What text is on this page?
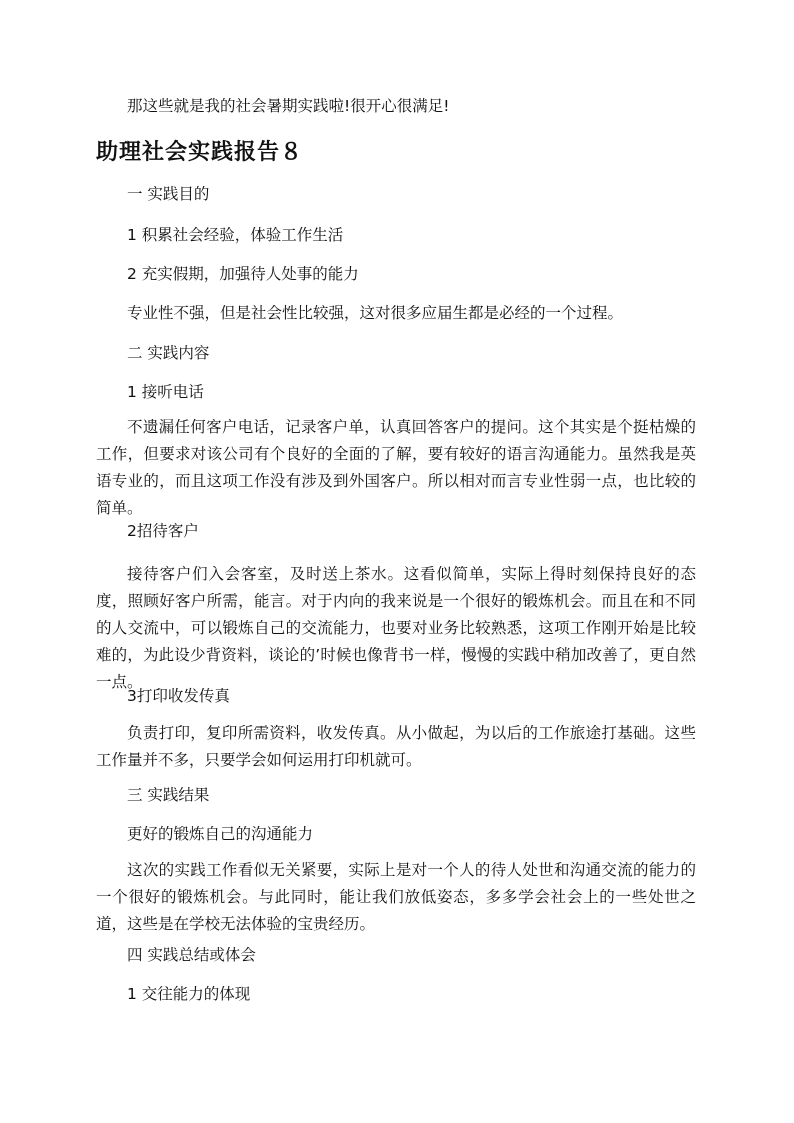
那这些就是我的社会暑期实践啦!很开心很满足!

助理社会实践报告８

一 实践目的

1 积累社会经验，体验工作生活

2 充实假期，加强待人处事的能力

专业性不强，但是社会性比较强，这对很多应届生都是必经的一个过程。

二 实践内容

1 接听电话

不遗漏任何客户电话，记录客户单，认真回答客户的提问。这个其实是个挺枯燥的工作，但要求对该公司有个良好的全面的了解，要有较好的语言沟通能力。虽然我是英语专业的，而且这项工作没有涉及到外国客户。所以相对而言专业性弱一点，也比较的简单。

2招待客户

接待客户们入会客室，及时送上茶水。这看似简单，实际上得时刻保持良好的态度，照顾好客户所需，能言。对于内向的我来说是一个很好的锻炼机会。而且在和不同的人交流中，可以锻炼自己的交流能力，也要对业务比较熟悉，这项工作刚开始是比较难的，为此设少背资料，谈论的’时候也像背书一样，慢慢的实践中稍加改善了，更自然一点。

3打印收发传真

负责打印，复印所需资料，收发传真。从小做起，为以后的工作旅途打基础。这些工作量并不多，只要学会如何运用打印机就可。

三 实践结果

更好的锻炼自己的沟通能力

这次的实践工作看似无关紧要，实际上是对一个人的待人处世和沟通交流的能力的一个很好的锻炼机会。与此同时，能让我们放低姿态，多多学会社会上的一些处世之道，这些是在学校无法体验的宝贵经历。

四 实践总结或体会

1 交往能力的体现
